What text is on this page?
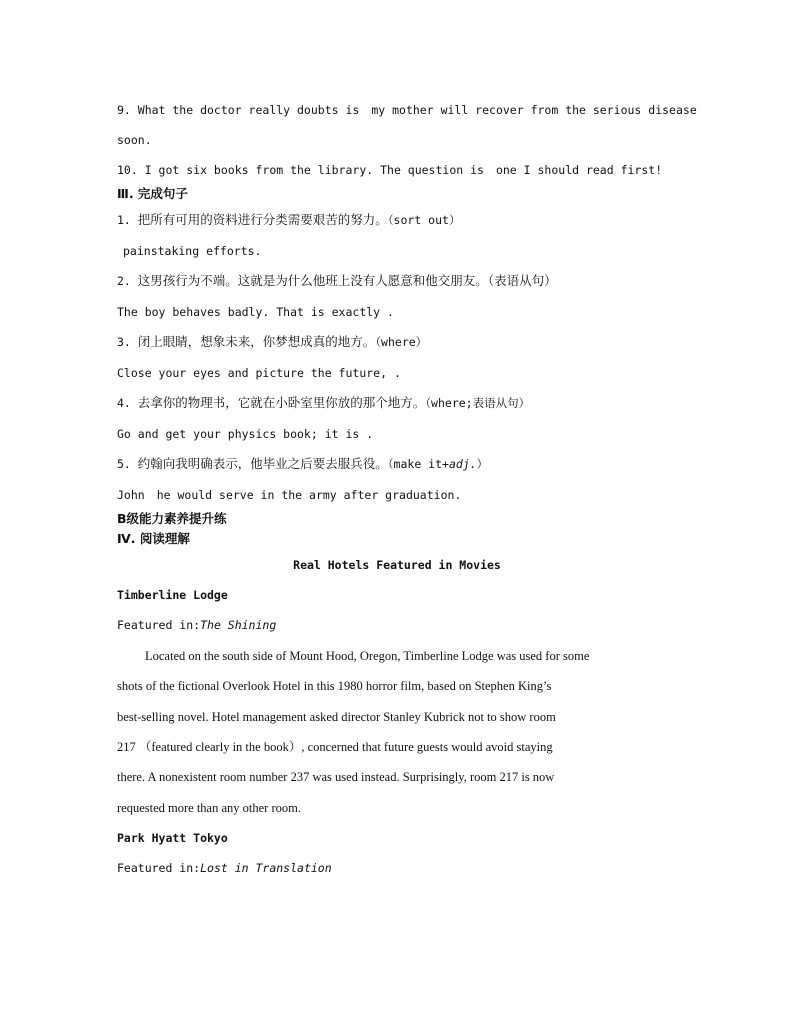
9. What the doctor really doubts is my mother will recover from the serious disease
soon.
10. I got six books from the library. The question is one I should read first!
Ⅲ. 完成句子
1. 把所有可用的资料进行分类需要艰苦的努力。（sort out）
painstaking efforts.
2. 这男孩行为不端。这就是为什么他班上没有人愿意和他交朋友。（表语从句）
The boy behaves badly. That is exactly .
3. 闭上眼睛，想象未来，你梦想成真的地方。（where）
Close your eyes and picture the future, .
4. 去拿你的物理书，它就在小卧室里你放的那个地方。（where;表语从句）
Go and get your physics book; it is .
5. 约翰向我明确表示，他毕业之后要去服兵役。（make it+adj.）
John he would serve in the army after graduation.
B级能力素养提升练
Ⅳ. 阅读理解
Real Hotels Featured in Movies
Timberline Lodge
Featured in:The Shining
Located on the south side of Mount Hood, Oregon, Timberline Lodge was used for some
shots of the fictional Overlook Hotel in this 1980 horror film, based on Stephen King’s
best-selling novel. Hotel management asked director Stanley Kubrick not to show room
217 （featured clearly in the book）, concerned that future guests would avoid staying
there. A nonexistent room number 237 was used instead. Surprisingly, room 217 is now
requested more than any other room.
Park Hyatt Tokyo
Featured in:Lost in Translation
